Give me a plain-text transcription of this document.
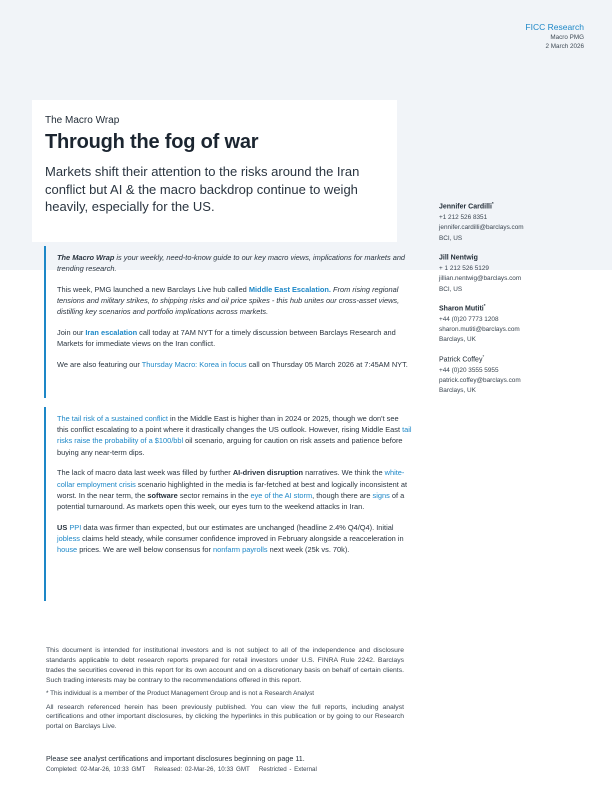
FICC Research
Macro PMG
2 March 2026
The Macro Wrap
Through the fog of war
Markets shift their attention to the risks around the Iran conflict but AI & the macro backdrop continue to weigh heavily, especially for the US.	Jennifer Cardilli*
+1 212 526 8351
jennifer.cardilli@barclays.com
BCI, US
Jill Nentwig
+ 1 212 526 5129
jillian.nentwig@barclays.com
BCI, US
Sharon Mutiti*
+44 (0)20 7773 1208
sharon.mutiti@barclays.com
Barclays, UK
Patrick Coffey*
+44 (0)20 3555 5955
patrick.coffey@barclays.com
Barclays, UK

The Macro Wrap is your weekly, need-to-know guide to our key macro views, implications for markets and trending research.

This week, PMG launched a new Barclays Live hub called Middle East Escalation. From rising regional tensions and military strikes, to shipping risks and oil price spikes - this hub unites our cross-asset views, distilling key scenarios and portfolio implications across markets.

Join our Iran escalation call today at 7AM NYT for a timely discussion between Barclays Research and Markets for immediate views on the Iran conflict.

We are also featuring our Thursday Macro: Korea in focus call on Thursday 05 March 2026 at 7:45AM NYT.

The tail risk of a sustained conflict in the Middle East is higher than in 2024 or 2025, though we don't see this conflict escalating to a point where it drastically changes the US outlook. However, rising Middle East tail risks raise the probability of a $100/bbl oil scenario, arguing for caution on risk assets and patience before buying any near-term dips.

The lack of macro data last week was filled by further AI-driven disruption narratives. We think the white-collar employment crisis scenario highlighted in the media is far-fetched at best and logically inconsistent at worst. In the near term, the software sector remains in the eye of the AI storm, though there are signs of a potential turnaround. As markets open this week, our eyes turn to the weekend attacks in Iran.

US PPI data was firmer than expected, but our estimates are unchanged (headline 2.4% Q4/Q4). Initial jobless claims held steady, while consumer confidence improved in February alongside a reacceleration in house prices. We are well below consensus for nonfarm payrolls next week (25k vs. 70k).

This document is intended for institutional investors and is not subject to all of the independence and disclosure standards applicable to debt research reports prepared for retail investors under U.S. FINRA Rule 2242. Barclays trades the securities covered in this report for its own account and on a discretionary basis on behalf of certain clients. Such trading interests may be contrary to the recommendations offered in this report.

* This individual is a member of the Product Management Group and is not a Research Analyst

All research referenced herein has been previously published. You can view the full reports, including analyst certifications and other important disclosures, by clicking the hyperlinks in this publication or by going to our Research portal on Barclays Live.

Please see analyst certifications and important disclosures beginning on page 11.
Completed: 02-Mar-26, 10:33 GMT Released: 02-Mar-26, 10:33 GMT Restricted - External
